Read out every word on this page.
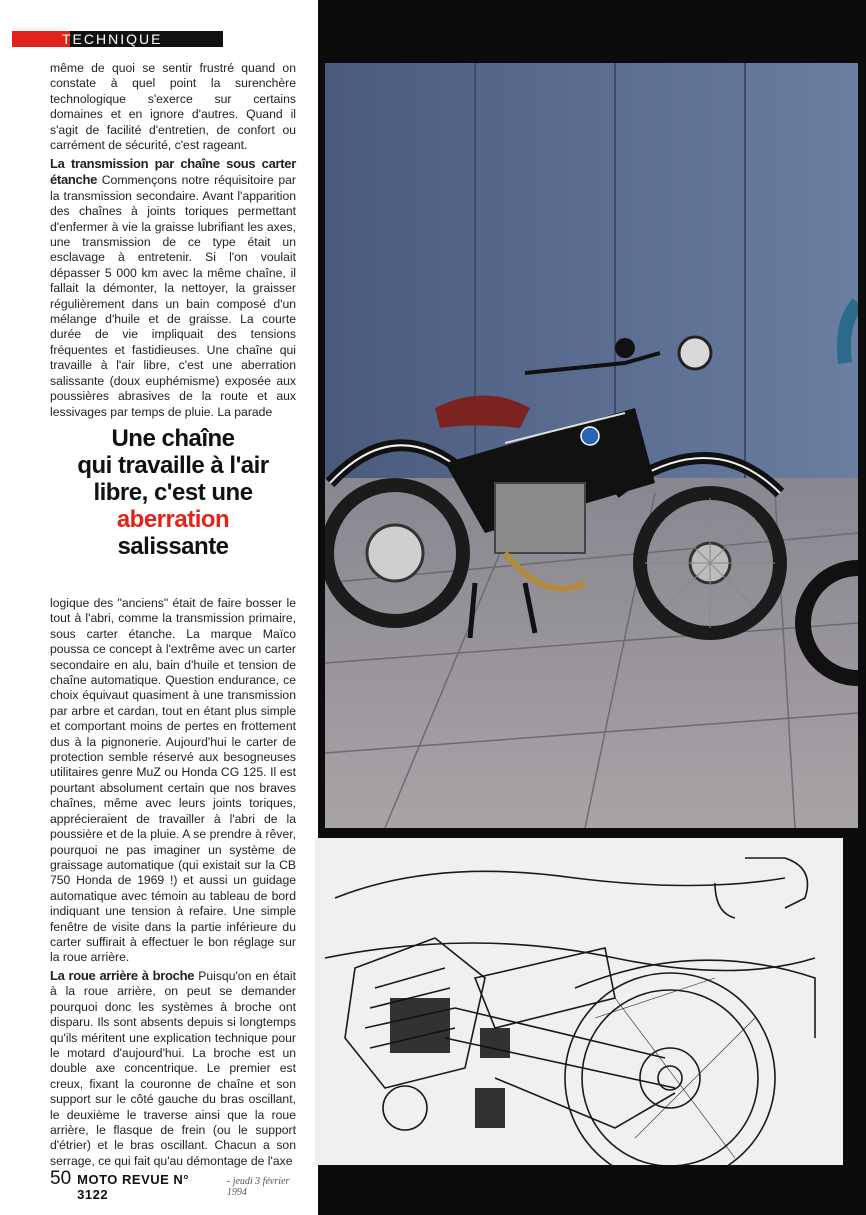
TECHNIQUE

même de quoi se sentir frustré quand on constate à quel point la surenchère technologique s'exerce sur certains domaines et en ignore d'autres. Quand il s'agit de facilité d'entretien, de confort ou carrément de sécurité, c'est rageant.

La transmission par chaîne sous carter étanche Commençons notre réquisitoire par la transmission secondaire. Avant l'apparition des chaînes à joints toriques permettant d'enfermer à vie la graisse lubrifiant les axes, une transmission de ce type était un esclavage à entretenir. Si l'on voulait dépasser 5 000 km avec la même chaîne, il fallait la démonter, la nettoyer, la graisser régulièrement dans un bain composé d'un mélange d'huile et de graisse. La courte durée de vie impliquait des tensions fréquentes et fastidieuses. Une chaîne qui travaille à l'air libre, c'est une aberration salissante (doux euphémisme) exposée aux poussières abrasives de la route et aux lessivages par temps de pluie. La parade

Une chaîne
qui travaille à l'air
libre, c'est une
aberration
salissante

logique des "anciens" était de faire bosser le tout à l'abri, comme la transmission primaire, sous carter étanche. La marque Maïco poussa ce concept à l'extrême avec un carter secondaire en alu, bain d'huile et tension de chaîne automatique. Question endurance, ce choix équivaut quasiment à une transmission par arbre et cardan, tout en étant plus simple et comportant moins de pertes en frottement dus à la pignonerie. Aujourd'hui le carter de protection semble réservé aux besogneuses utilitaires genre MuZ ou Honda CG 125. Il est pourtant absolument certain que nos braves chaînes, même avec leurs joints toriques, apprécieraient de travailler à l'abri de la poussière et de la pluie. A se prendre à rêver, pourquoi ne pas imaginer un système de graissage automatique (qui existait sur la CB 750 Honda de 1969 !) et aussi un guidage automatique avec témoin au tableau de bord indiquant une tension à refaire. Une simple fenêtre de visite dans la partie inférieure du carter suffirait à effectuer le bon réglage sur la roue arrière.

La roue arrière à broche Puisqu'on en était à la roue arrière, on peut se demander pourquoi donc les systèmes à broche ont disparu. Ils sont absents depuis si longtemps qu'ils méritent une explication technique pour le motard d'aujourd'hui. La broche est un double axe concentrique. Le premier est creux, fixant la couronne de chaîne et son support sur le côté gauche du bras oscillant, le deuxième le traverse ainsi que la roue arrière, le flasque de frein (ou le support d'étrier) et le bras oscillant. Chacun a son serrage, ce qui fait qu'au démontage de l'axe

50 MOTO REVUE N° 3122
- jeudi 3 février 1994
